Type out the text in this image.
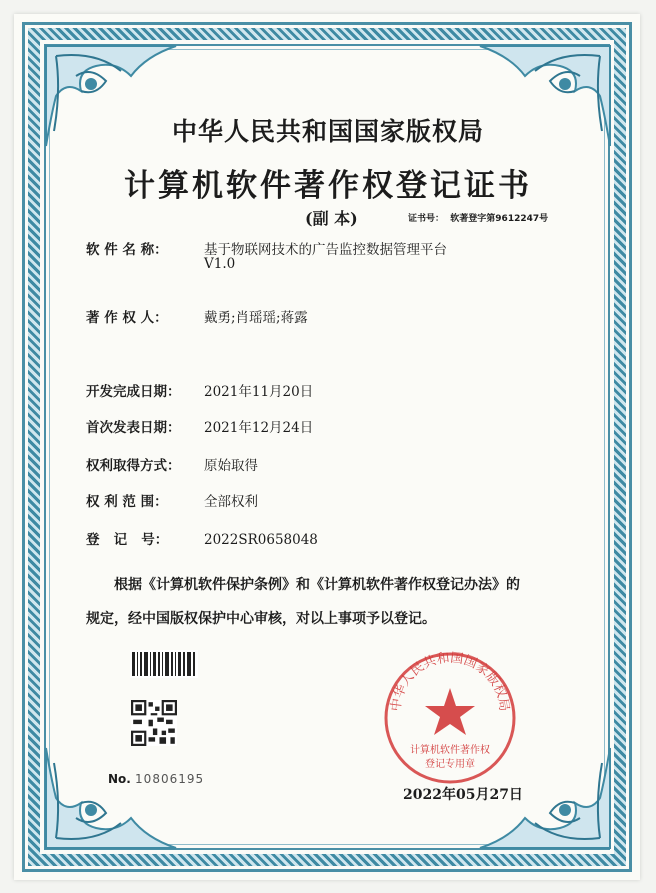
中华人民共和国国家版权局
计算机软件著作权登记证书
(副 本)	证书号： 软著登字第9612247号
软 件 名 称：	基于物联网技术的广告监控数据管理平台
V1.0
著 作 权 人：	戴勇;肖瑶瑶;蒋露
开发完成日期： 2021年11月20日
首次发表日期： 2021年12月24日
权利取得方式： 原始取得
权 利 范 围：	全部权利
登   记   号：	2022SR0658048
根据《计算机软件保护条例》和《计算机软件著作权登记办法》的
规定，经中国版权保护中心审核，对以上事项予以登记。
No. 10806195
中华人民共和国国家版权局
计算机软件著作权
登记专用章
2022年05月27日
